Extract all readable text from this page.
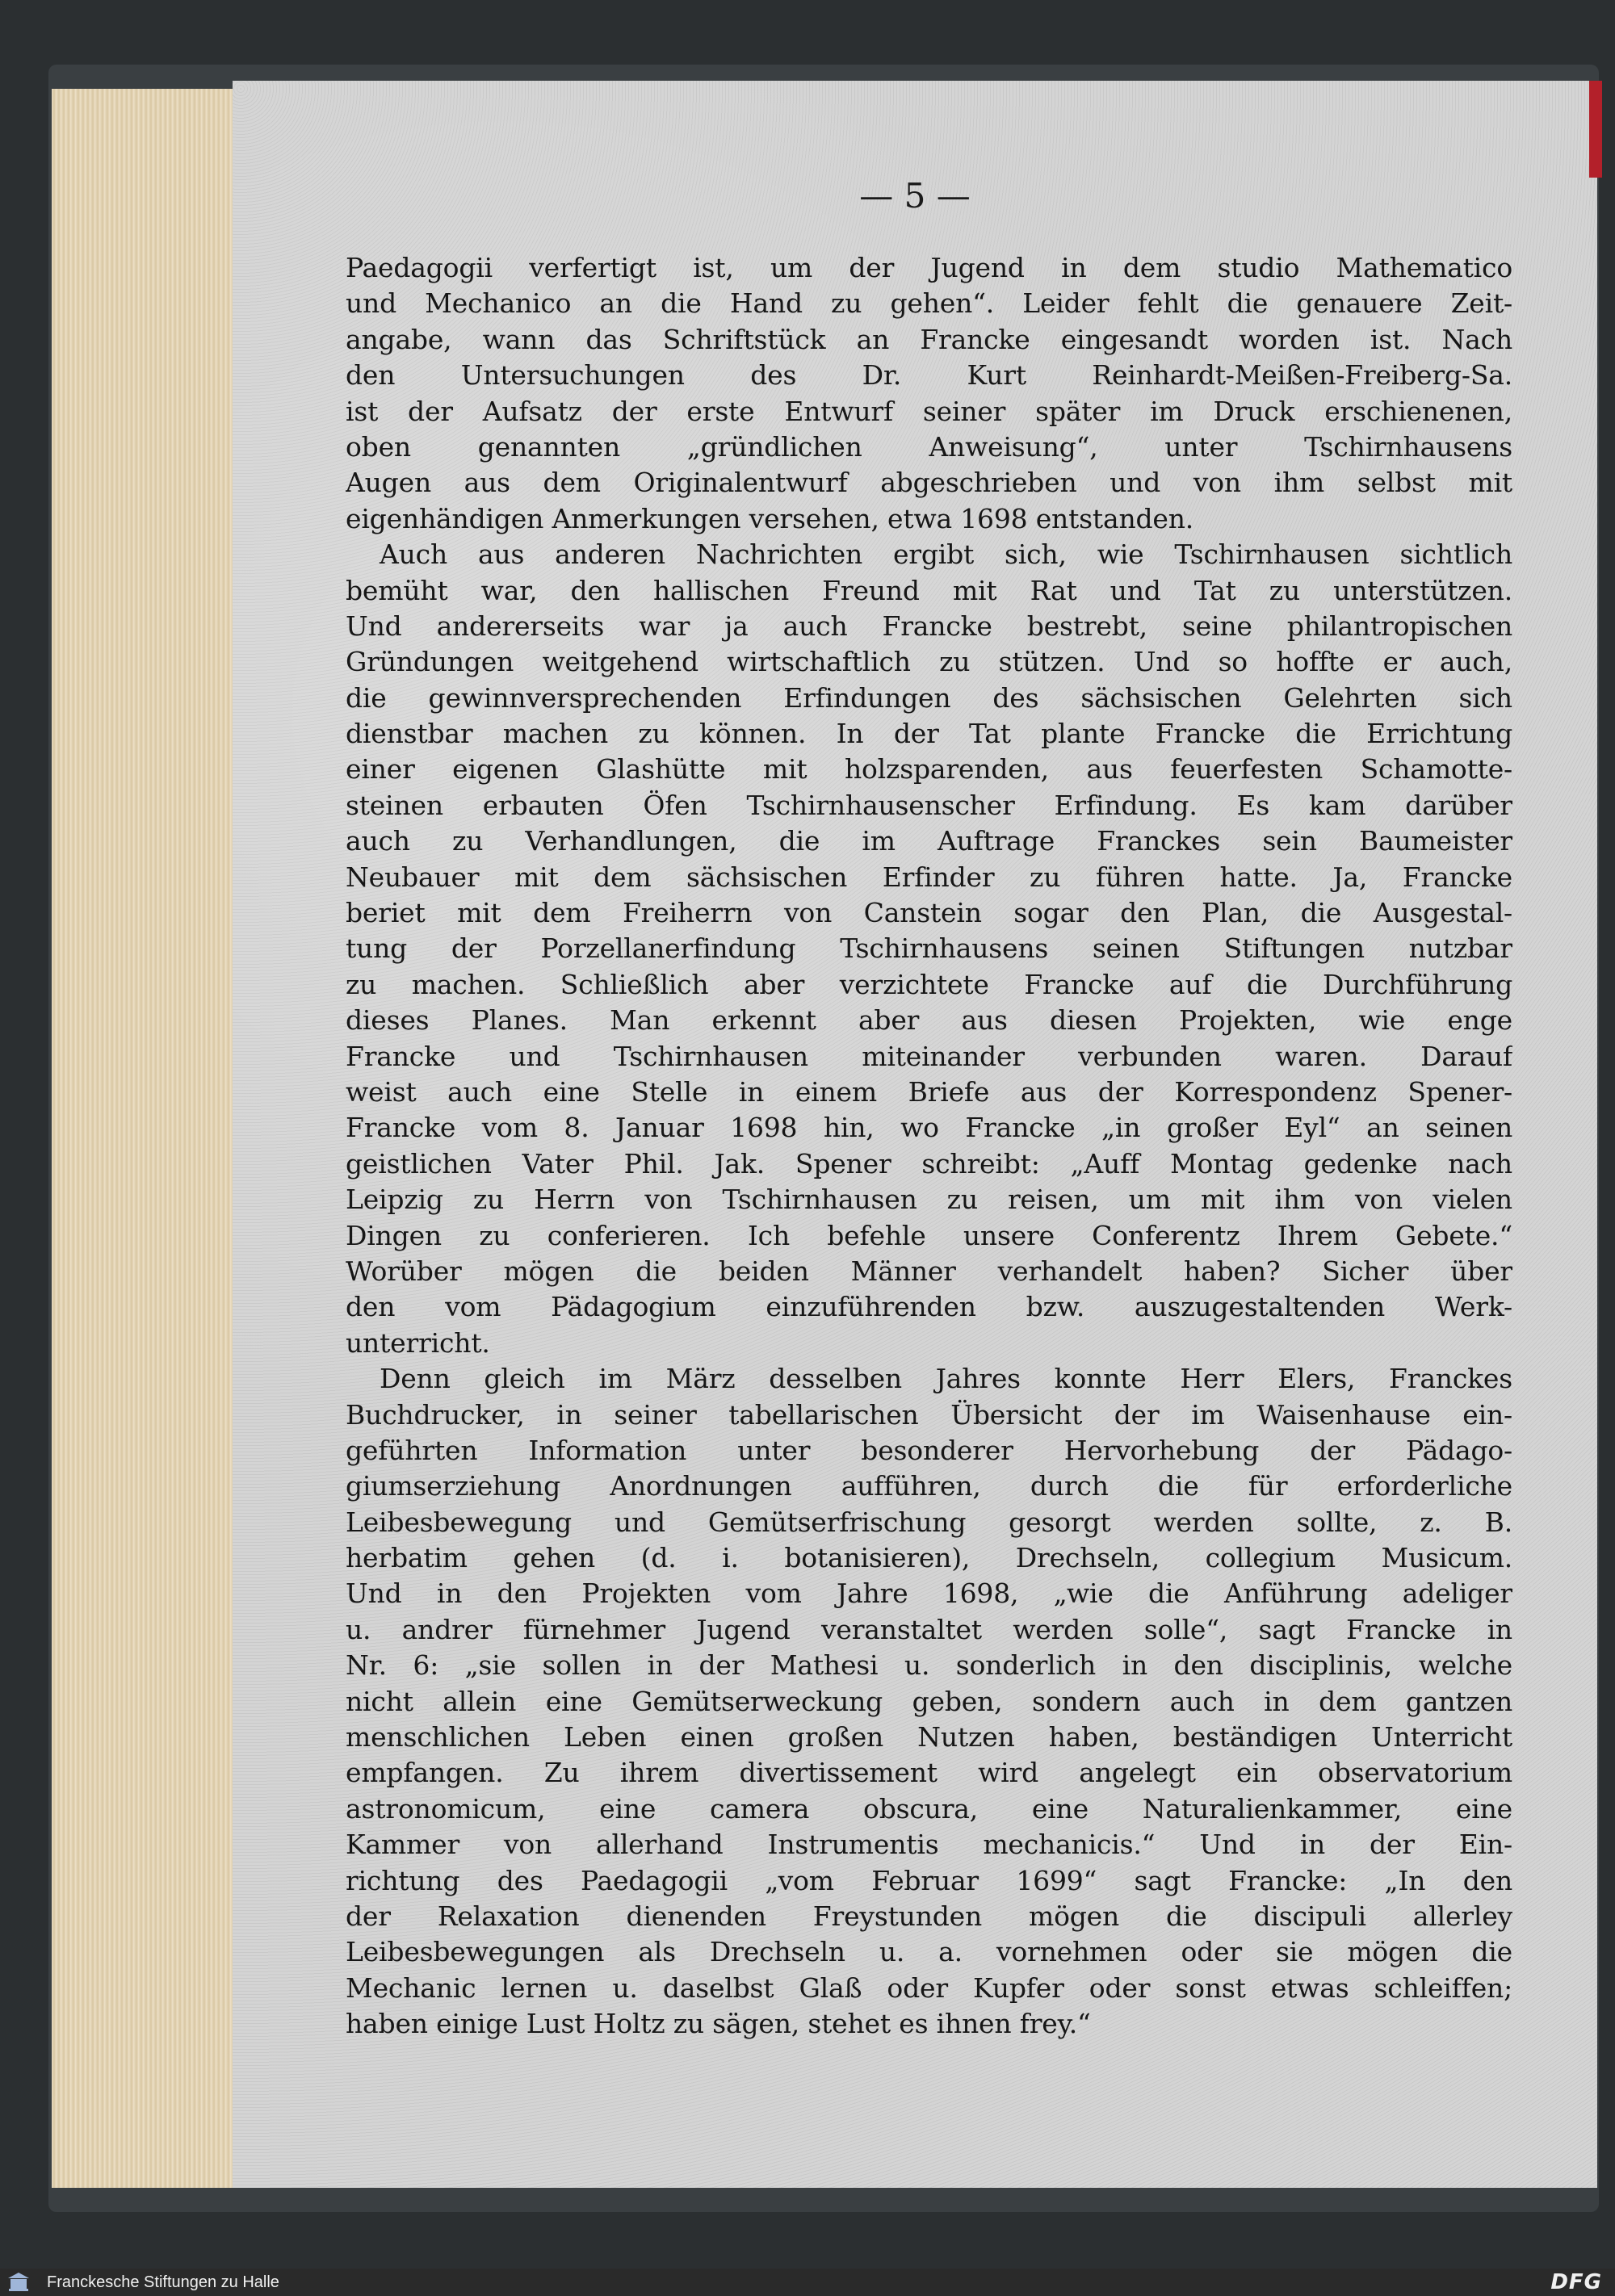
— 5 —
Paedagogii verfertigt ist, um der Jugend in dem studio Mathematico
und Mechanico an die Hand zu gehen“. Leider fehlt die genauere Zeit-
angabe, wann das Schriftstück an Francke eingesandt worden ist. Nach
den Untersuchungen des Dr. Kurt Reinhardt-Meißen-Freiberg-Sa.
ist der Aufsatz der erste Entwurf seiner später im Druck erschienenen,
oben genannten „gründlichen Anweisung“, unter Tschirnhausens
Augen aus dem Originalentwurf abgeschrieben und von ihm selbst mit
eigenhändigen Anmerkungen versehen, etwa 1698 entstanden.
Auch aus anderen Nachrichten ergibt sich, wie Tschirnhausen sichtlich
bemüht war, den hallischen Freund mit Rat und Tat zu unterstützen.
Und andererseits war ja auch Francke bestrebt, seine philantropischen
Gründungen weitgehend wirtschaftlich zu stützen. Und so hoffte er auch,
die gewinnversprechenden Erfindungen des sächsischen Gelehrten sich
dienstbar machen zu können. In der Tat plante Francke die Errichtung
einer eigenen Glashütte mit holzsparenden, aus feuerfesten Schamotte-
steinen erbauten Öfen Tschirnhausenscher Erfindung. Es kam darüber
auch zu Verhandlungen, die im Auftrage Franckes sein Baumeister
Neubauer mit dem sächsischen Erfinder zu führen hatte. Ja, Francke
beriet mit dem Freiherrn von Canstein sogar den Plan, die Ausgestal-
tung der Porzellanerfindung Tschirnhausens seinen Stiftungen nutzbar
zu machen. Schließlich aber verzichtete Francke auf die Durchführung
dieses Planes. Man erkennt aber aus diesen Projekten, wie enge
Francke und Tschirnhausen miteinander verbunden waren. Darauf
weist auch eine Stelle in einem Briefe aus der Korrespondenz Spener-
Francke vom 8. Januar 1698 hin, wo Francke „in großer Eyl“ an seinen
geistlichen Vater Phil. Jak. Spener schreibt: „Auff Montag gedenke nach
Leipzig zu Herrn von Tschirnhausen zu reisen, um mit ihm von vielen
Dingen zu conferieren. Ich befehle unsere Conferentz Ihrem Gebete.“
Worüber mögen die beiden Männer verhandelt haben? Sicher über
den vom Pädagogium einzuführenden bzw. auszugestaltenden Werk-
unterricht.
Denn gleich im März desselben Jahres konnte Herr Elers, Franckes
Buchdrucker, in seiner tabellarischen Übersicht der im Waisenhause ein-
geführten Information unter besonderer Hervorhebung der Pädago-
giumserziehung Anordnungen aufführen, durch die für erforderliche
Leibesbewegung und Gemütserfrischung gesorgt werden sollte, z. B.
herbatim gehen (d. i. botanisieren), Drechseln, collegium Musicum.
Und in den Projekten vom Jahre 1698, „wie die Anführung adeliger
u. andrer fürnehmer Jugend veranstaltet werden solle“, sagt Francke in
Nr. 6: „sie sollen in der Mathesi u. sonderlich in den disciplinis, welche
nicht allein eine Gemütserweckung geben, sondern auch in dem gantzen
menschlichen Leben einen großen Nutzen haben, beständigen Unterricht
empfangen. Zu ihrem divertissement wird angelegt ein observatorium
astronomicum, eine camera obscura, eine Naturalienkammer, eine
Kammer von allerhand Instrumentis mechanicis.“ Und in der Ein-
richtung des Paedagogii „vom Februar 1699“ sagt Francke: „In den
der Relaxation dienenden Freystunden mögen die discipuli allerley
Leibesbewegungen als Drechseln u. a. vornehmen oder sie mögen die
Mechanic lernen u. daselbst Glaß oder Kupfer oder sonst etwas schleiffen;
haben einige Lust Holtz zu sägen, stehet es ihnen frey.“
Franckesche Stiftungen zu Halle	DFG
